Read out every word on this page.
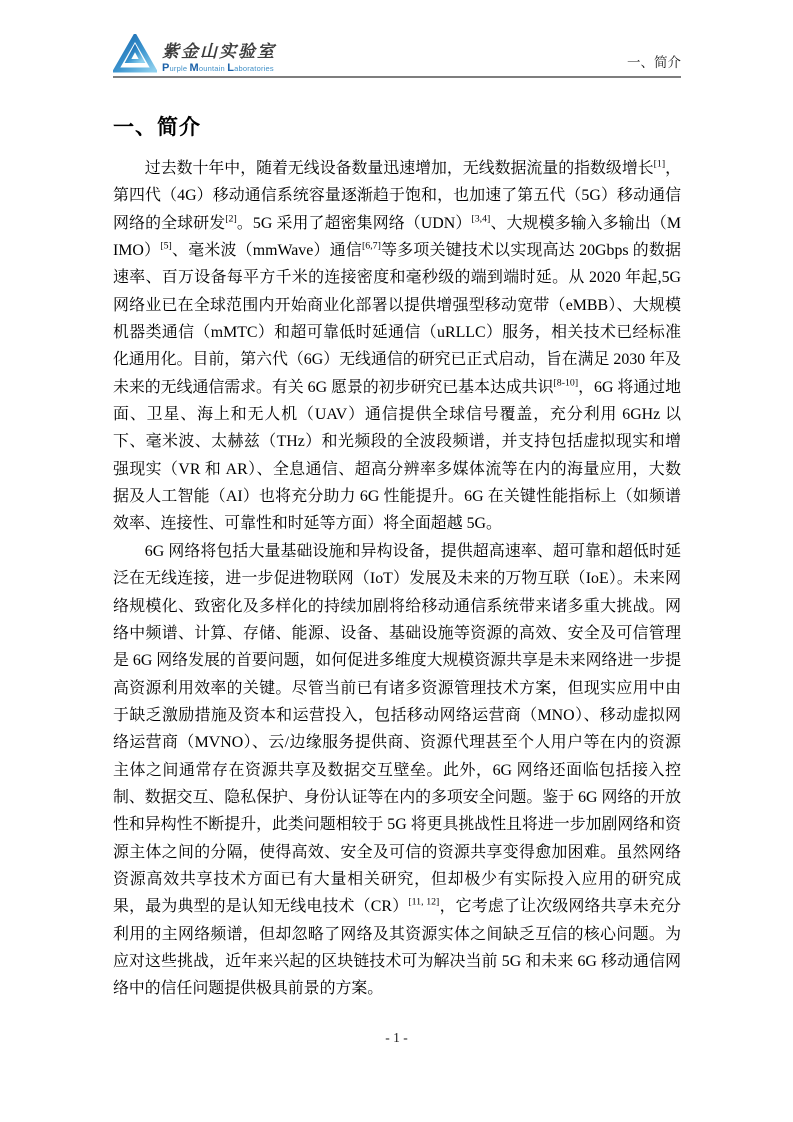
紫金山实验室
Purple Mountain Laboratories	一、简介
一、简介

过去数十年中，随着无线设备数量迅速增加，无线数据流量的指数级增长[1]，第四代（4G）移动通信系统容量逐渐趋于饱和，也加速了第五代（5G）移动通信网络的全球研发[2]。5G 采用了超密集网络（UDN）[3,4]、大规模多输入多输出（MIMO）[5]、毫米波（mmWave）通信[6,7]等多项关键技术以实现高达 20Gbps 的数据速率、百万设备每平方千米的连接密度和毫秒级的端到端时延。从 2020 年起,5G 网络业已在全球范围内开始商业化部署以提供增强型移动宽带（eMBB）、大规模机器类通信（mMTC）和超可靠低时延通信（uRLLC）服务，相关技术已经标准化通用化。目前，第六代（6G）无线通信的研究已正式启动，旨在满足 2030 年及未来的无线通信需求。有关 6G 愿景的初步研究已基本达成共识[8-10]，6G 将通过地面、卫星、海上和无人机（UAV）通信提供全球信号覆盖，充分利用 6GHz 以下、毫米波、太赫兹（THz）和光频段的全波段频谱，并支持包括虚拟现实和增强现实（VR 和 AR）、全息通信、超高分辨率多媒体流等在内的海量应用，大数据及人工智能（AI）也将充分助力 6G 性能提升。6G 在关键性能指标上（如频谱效率、连接性、可靠性和时延等方面）将全面超越 5G。

6G 网络将包括大量基础设施和异构设备，提供超高速率、超可靠和超低时延泛在无线连接，进一步促进物联网（IoT）发展及未来的万物互联（IoE）。未来网络规模化、致密化及多样化的持续加剧将给移动通信系统带来诸多重大挑战。网络中频谱、计算、存储、能源、设备、基础设施等资源的高效、安全及可信管理是 6G 网络发展的首要问题，如何促进多维度大规模资源共享是未来网络进一步提高资源利用效率的关键。尽管当前已有诸多资源管理技术方案，但现实应用中由于缺乏激励措施及资本和运营投入，包括移动网络运营商（MNO）、移动虚拟网络运营商（MVNO）、云/边缘服务提供商、资源代理甚至个人用户等在内的资源主体之间通常存在资源共享及数据交互壁垒。此外，6G 网络还面临包括接入控制、数据交互、隐私保护、身份认证等在内的多项安全问题。鉴于 6G 网络的开放性和异构性不断提升，此类问题相较于 5G 将更具挑战性且将进一步加剧网络和资源主体之间的分隔，使得高效、安全及可信的资源共享变得愈加困难。虽然网络资源高效共享技术方面已有大量相关研究，但却极少有实际投入应用的研究成果，最为典型的是认知无线电技术（CR）[11, 12]，它考虑了让次级网络共享未充分利用的主网络频谱，但却忽略了网络及其资源实体之间缺乏互信的核心问题。为应对这些挑战，近年来兴起的区块链技术可为解决当前 5G 和未来 6G 移动通信网络中的信任问题提供极具前景的方案。

- 1 -
